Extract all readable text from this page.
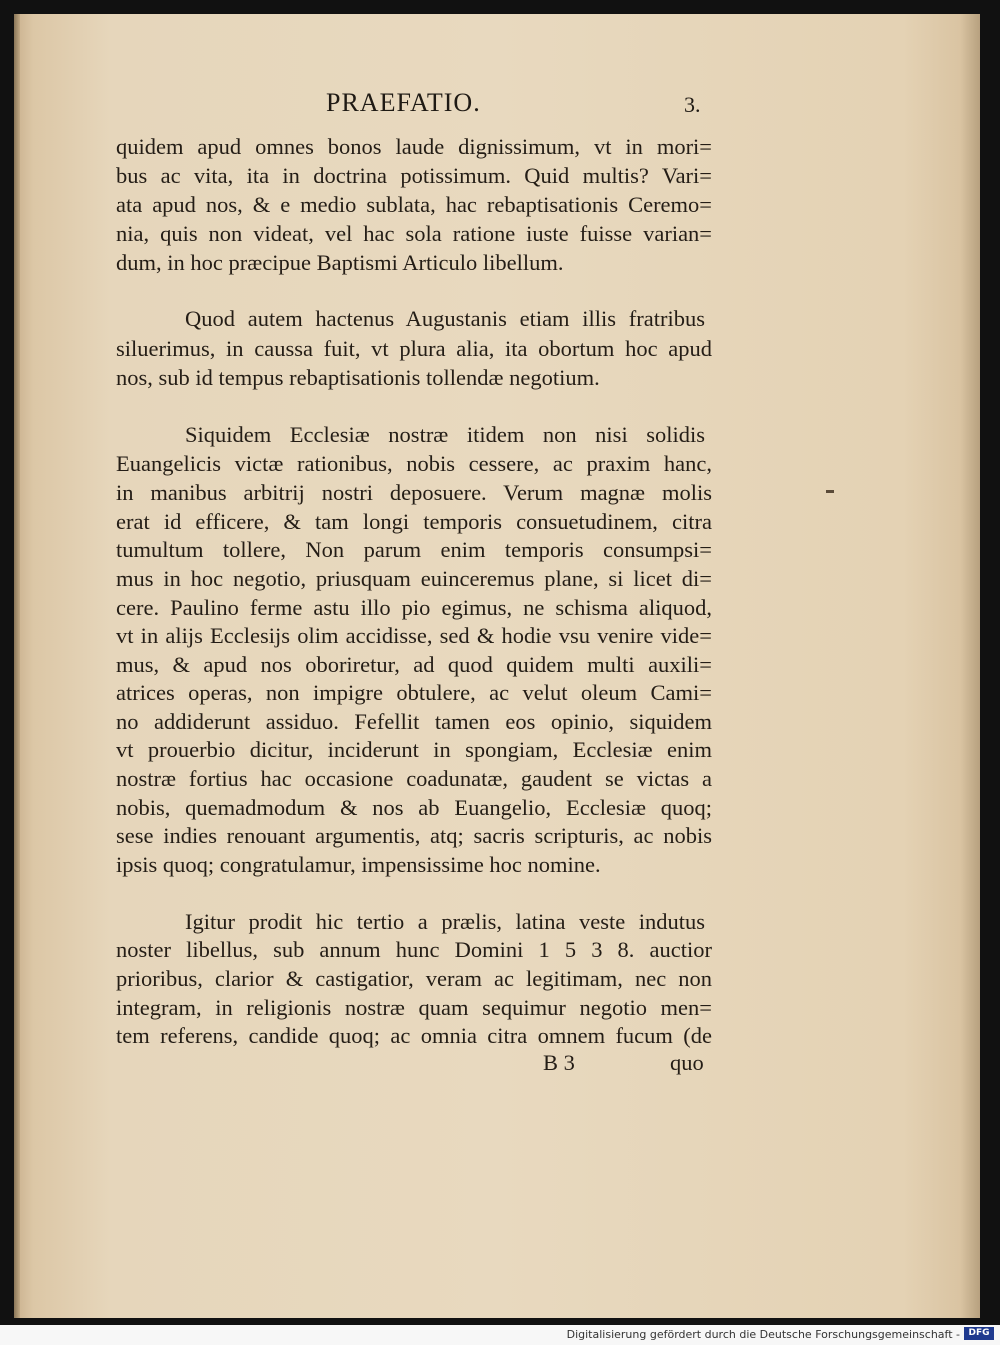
PRAEFATIO.	3.
quidem apud omnes bonos laude dignissimum, vt in mori=
bus ac vita, ita in doctrina potissimum. Quid multis? Vari=
ata apud nos, & e medio sublata, hac rebaptisationis Ceremo=
nia, quis non videat, vel hac sola ratione iuste fuisse varian=
dum, in hoc præcipue Baptismi Articulo libellum.
Quod autem hactenus Augustanis etiam illis fratribus
siluerimus, in caussa fuit, vt plura alia, ita obortum hoc apud
nos, sub id tempus rebaptisationis tollendæ negotium.
Siquidem Ecclesiæ nostræ itidem non nisi solidis
Euangelicis victæ rationibus, nobis cessere, ac praxim hanc,
in manibus arbitrij nostri deposuere. Verum magnæ molis
erat id efficere, & tam longi temporis consuetudinem, citra
tumultum tollere, Non parum enim temporis consumpsi=
mus in hoc negotio, priusquam euinceremus plane, si licet di=
cere. Paulino ferme astu illo pio egimus, ne schisma aliquod,
vt in alijs Ecclesijs olim accidisse, sed & hodie vsu venire vide=
mus, & apud nos oboriretur, ad quod quidem multi auxili=
atrices operas, non impigre obtulere, ac velut oleum Cami=
no addiderunt assiduo. Fefellit tamen eos opinio, siquidem
vt prouerbio dicitur, inciderunt in spongiam, Ecclesiæ enim
nostræ fortius hac occasione coadunatæ, gaudent se victas a
nobis, quemadmodum & nos ab Euangelio, Ecclesiæ quoq;
sese indies renouant argumentis, atq; sacris scripturis, ac nobis
ipsis quoq; congratulamur, impensissime hoc nomine.
Igitur prodit hic tertio a prælis, latina veste indutus
noster libellus, sub annum hunc Domini 1 5 3 8. auctior
prioribus, clarior & castigatior, veram ac legitimam, nec non
integram, in religionis nostræ quam sequimur negotio men=
tem referens, candide quoq; ac omnia citra omnem fucum (de
B 3	quo
Digitalisierung gefördert durch die Deutsche Forschungsgemeinschaft - DFG
